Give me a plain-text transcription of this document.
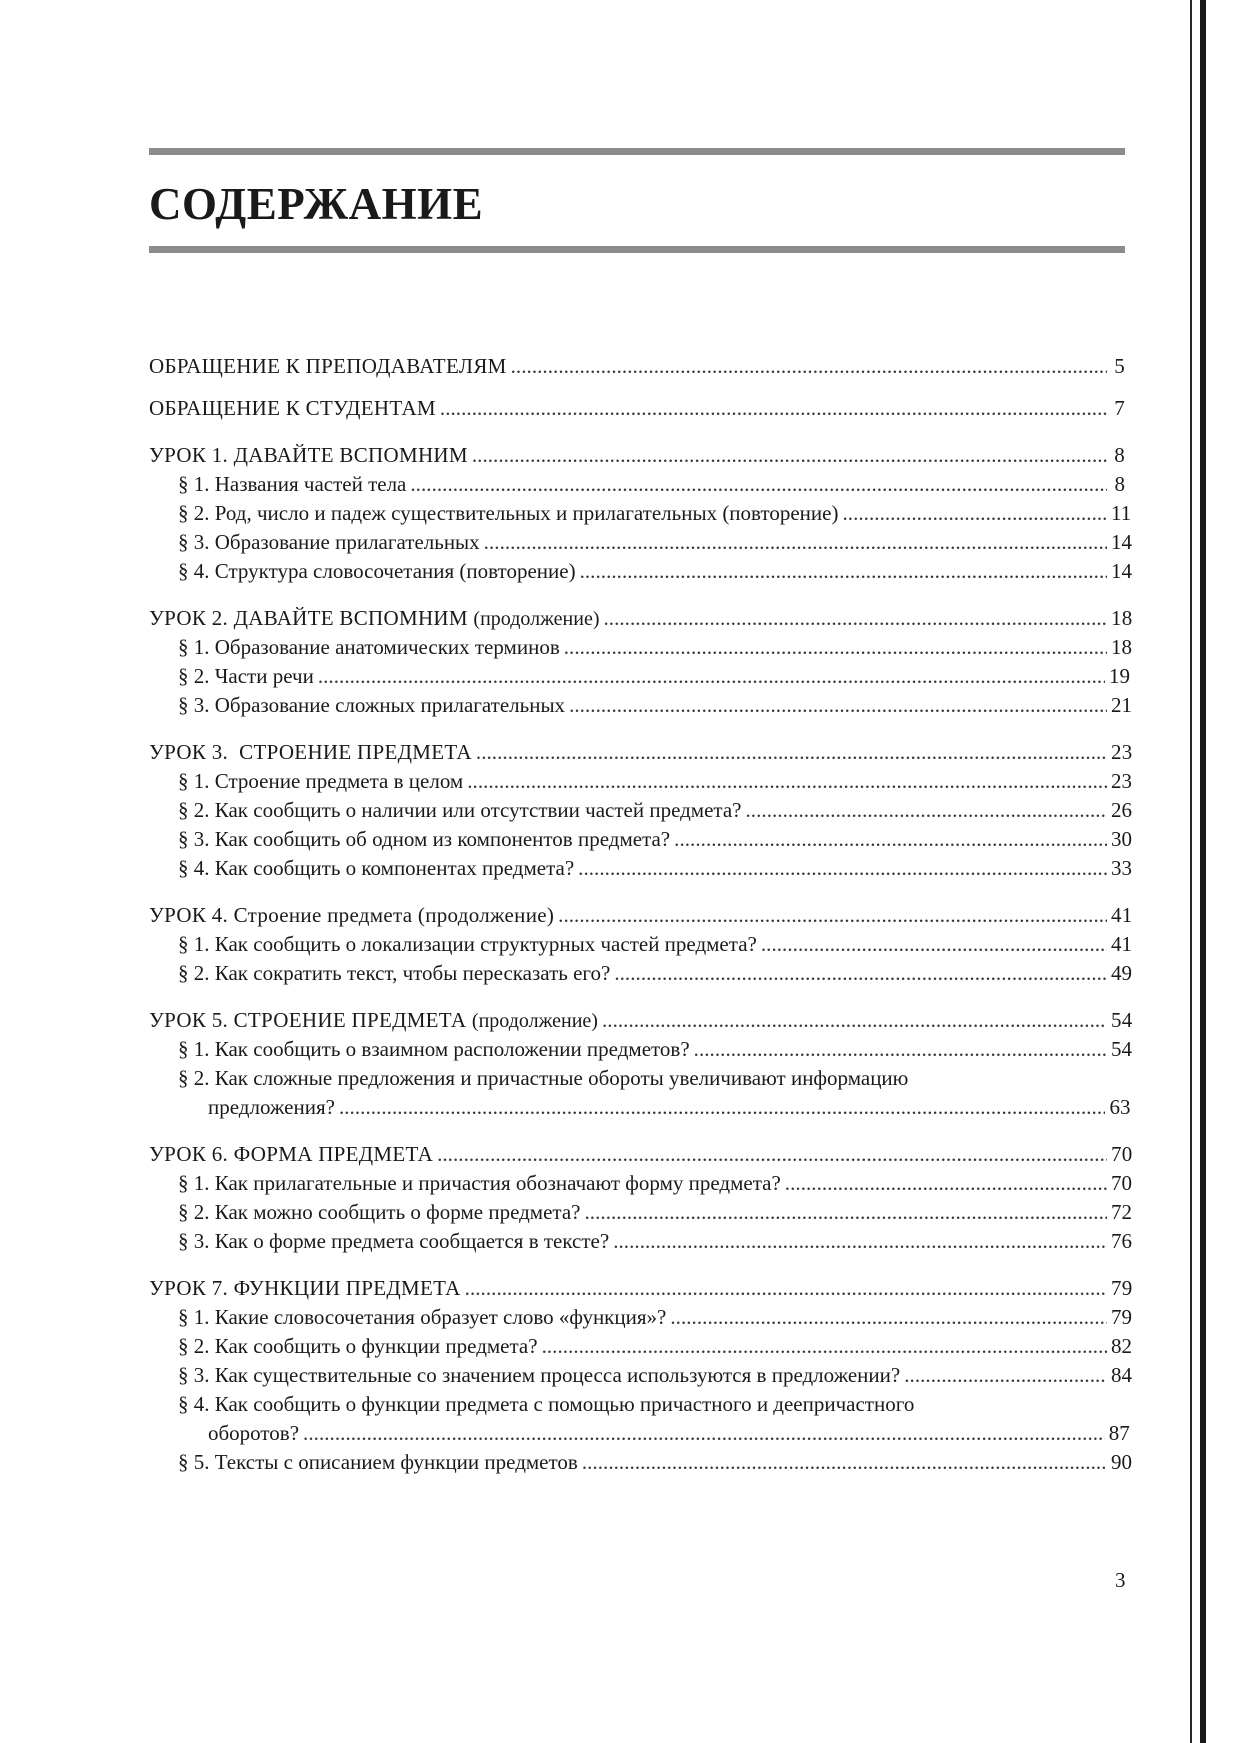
СОДЕРЖАНИЕ
ОБРАЩЕНИЕ К ПРЕПОДАВАТЕЛЯМ . . .	5
ОБРАЩЕНИЕ К СТУДЕНТАМ . . .	7
УРОК 1. ДАВАЙТЕ ВСПОМНИМ . . .	8
§ 1. Названия частей тела . . .	8
§ 2. Род, число и падеж существительных и прилагательных (повторение) . . .	11
§ 3. Образование прилагательных . . .	14
§ 4. Структура словосочетания (повторение) . . .	14
УРОК 2. ДАВАЙТЕ ВСПОМНИМ (продолжение) . . .	18
§ 1. Образование анатомических терминов . . .	18
§ 2. Части речи . . .	19
§ 3. Образование сложных прилагательных . . .	21
УРОК 3.  СТРОЕНИЕ ПРЕДМЕТА . . .	23
§ 1. Строение предмета в целом . . .	23
§ 2. Как сообщить о наличии или отсутствии частей предмета? . . .	26
§ 3. Как сообщить об одном из компонентов предмета? . . .	30
§ 4. Как сообщить о компонентах предмета? . . .	33
УРОК 4. Строение предмета (продолжение) . . .	41
§ 1. Как сообщить о локализации структурных частей предмета? . . .	41
§ 2. Как сократить текст, чтобы пересказать его? . . .	49
УРОК 5. СТРОЕНИЕ ПРЕДМЕТА (продолжение) . . .	54
§ 1. Как сообщить о взаимном расположении предметов? . . .	54
§ 2. Как сложные предложения и причастные обороты увеличивают информацию
предложения? . . .	63
УРОК 6. ФОРМА ПРЕДМЕТА . . .	70
§ 1. Как прилагательные и причастия обозначают форму предмета? . . .	70
§ 2. Как можно сообщить о форме предмета? . . .	72
§ 3. Как о форме предмета сообщается в тексте? . . .	76
УРОК 7. ФУНКЦИИ ПРЕДМЕТА . . .	79
§ 1. Какие словосочетания образует слово «функция»? . . .	79
§ 2. Как сообщить о функции предмета? . . .	82
§ 3. Как существительные со значением процесса используются в предложении? . . .	84
§ 4. Как сообщить о функции предмета с помощью причастного и деепричастного
оборотов? . . .	87
§ 5. Тексты с описанием функции предметов . . .	90
3
